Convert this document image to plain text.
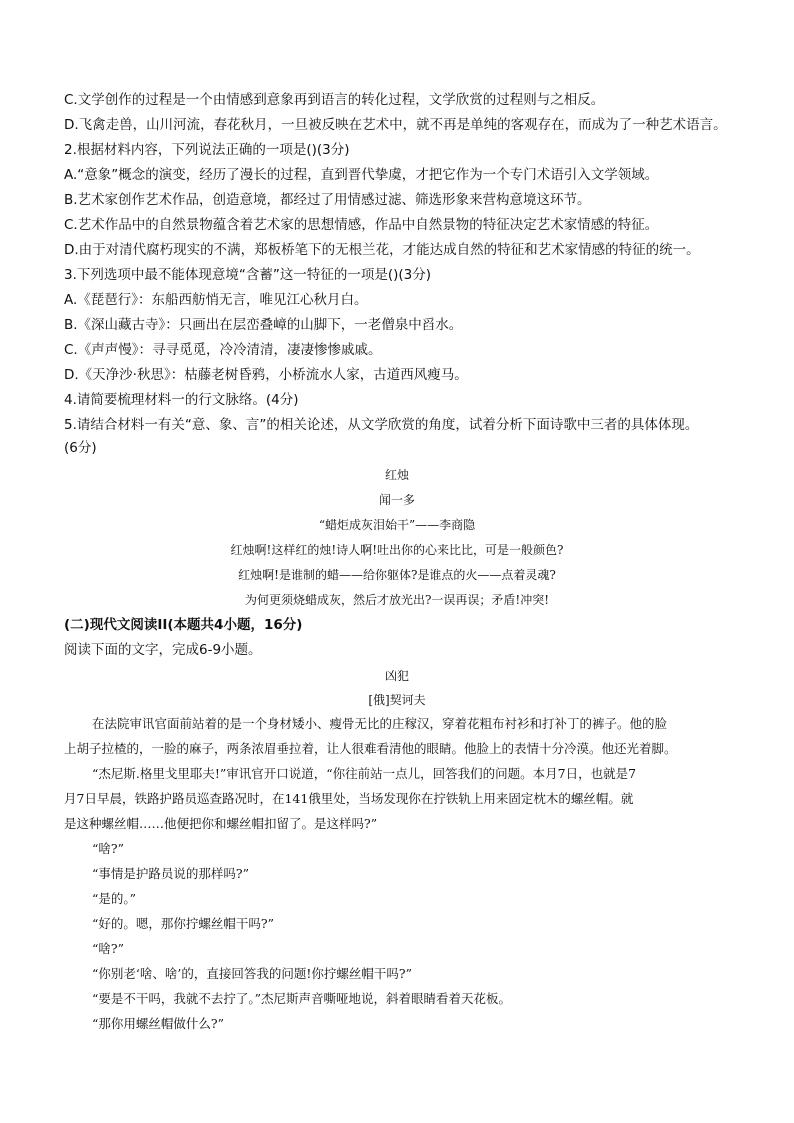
C.文学创作的过程是一个由情感到意象再到语言的转化过程，文学欣赏的过程则与之相反。
D.飞禽走兽，山川河流，春花秋月，一旦被反映在艺术中，就不再是单纯的客观存在，而成为了一种艺术语言。
2.根据材料内容，下列说法正确的一项是()(3分)
A.“意象”概念的演变，经历了漫长的过程，直到晋代挚虞，才把它作为一个专门术语引入文学领域。
B.艺术家创作艺术作品，创造意境，都经过了用情感过滤、筛选形象来营构意境这环节。
C.艺术作品中的自然景物蕴含着艺术家的思想情感，作品中自然景物的特征决定艺术家情感的特征。
D.由于对清代腐朽现实的不满，郑板桥笔下的无根兰花，才能达成自然的特征和艺术家情感的特征的统一。
3.下列选项中最不能体现意境“含蓄”这一特征的一项是()(3分)
A.《琵琶行》：东船西舫悄无言，唯见江心秋月白。
B.《深山藏古寺》：只画出在层峦叠嶂的山脚下，一老僧泉中舀水。
C.《声声慢》：寻寻觅觅，冷冷清清，凄凄惨惨戚戚。
D.《天净沙·秋思》：枯藤老树昏鸦，小桥流水人家，古道西风瘦马。
4.请简要梳理材料一的行文脉络。(4分)
5.请结合材料一有关“意、象、言”的相关论述，从文学欣赏的角度，试着分析下面诗歌中三者的具体体现。
(6分)
红烛
闻一多
“蜡炬成灰泪始干”——李商隐
红烛啊!这样红的烛!诗人啊!吐出你的心来比比，可是一般颜色?
红烛啊!是谁制的蜡——给你躯体?是谁点的火——点着灵魂?
为何更须烧蜡成灰，然后才放光出?一误再误；矛盾!冲突!
(二)现代文阅读II(本题共4小题，16分)
阅读下面的文字，完成6-9小题。
凶犯
[俄]契诃夫
在法院审讯官面前站着的是一个身材矮小、瘦骨无比的庄稼汉，穿着花粗布衬衫和打补丁的裤子。他的脸
上胡子拉楂的，一脸的麻子，两条浓眉垂拉着，让人很难看清他的眼睛。他脸上的表情十分冷漠。他还光着脚。
“杰尼斯.格里戈里耶夫!”审讯官开口说道，“你往前站一点儿，回答我们的问题。本月7日，也就是7
月7日早晨，铁路护路员巡查路况时，在141俄里处，当场发现你在拧铁轨上用来固定枕木的螺丝帽。就
是这种螺丝帽……他便把你和螺丝帽扣留了。是这样吗?”
“啥?”
“事情是护路员说的那样吗?”
“是的。”
“好的。嗯，那你拧螺丝帽干吗?”
“啥?”
“你别老‘啥、啥’的，直接回答我的问题!你拧螺丝帽干吗?”
“要是不干吗，我就不去拧了。”杰尼斯声音嘶哑地说，斜着眼睛看着天花板。
“那你用螺丝帽做什么?”
